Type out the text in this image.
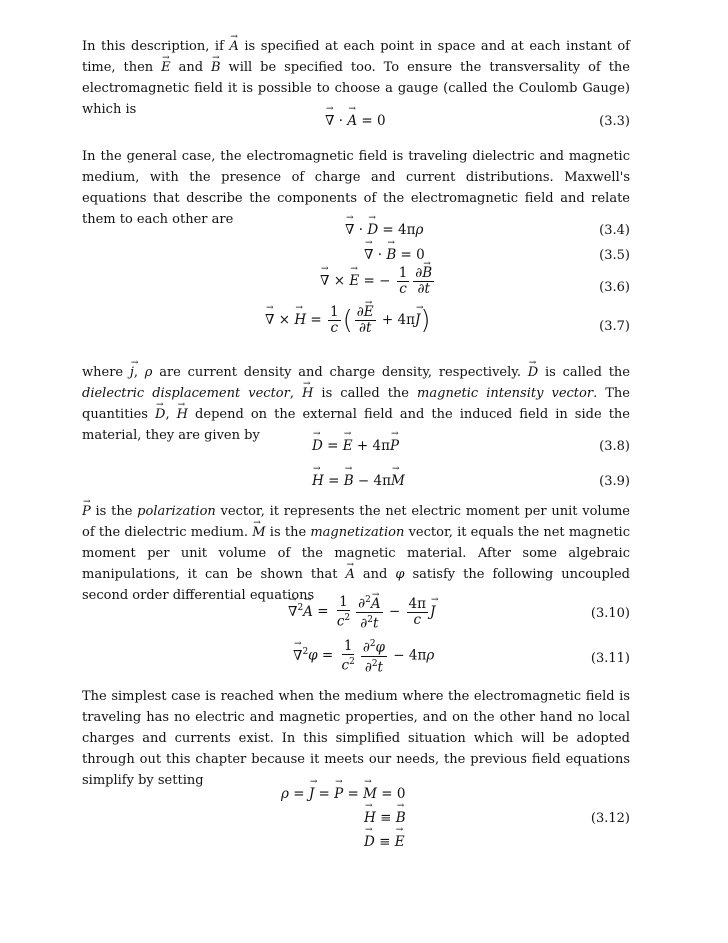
In this description, if → A is specified at each point in space and at each instant of time, then → E and → B will be specified too. To ensure the transversality of the electromagnetic field it is possible to choose a gauge (called the Coulomb Gauge) which is

→ ∇ · → A = 0	(3.3)

In the general case, the electromagnetic field is traveling dielectric and magnetic medium, with the presence of charge and current distributions. Maxwell's equations that describe the components of the electromagnetic field and relate them to each other are

→ ∇ · → D = 4πρ	(3.4)
→ ∇ · → B = 0	(3.5)
→ ∇ × → E = − $\frac{1}{c} \frac{\partial\to B}{\partial t}$	(3.6)
→ ∇ × → $H = \frac{1}{c}$ ( $\frac{\partial\to E}{\partial t} + 4\pi\to J$)	(3.7)

where → j, ρ are current density and charge density, respectively. → D is called the dielectric displacement vector, → H is called the magnetic intensity vector. The quantities → D, → H depend on the external field and the induced field in side the material, they are given by

→ D = → E + 4π→ P	(3.8)
→ H = → B − 4π→ M	(3.9)

→ P is the polarization vector, it represents the net electric moment per unit volume of the dielectric medium. → M is the magnetization vector, it equals the net magnetic moment per unit volume of the magnetic material. After some algebraic manipulations, it can be shown that → A and φ satisfy the following uncoupled second order differential equations

→ $\nabla^2\to A = \frac{1}{c^2} \frac{\partial^2\to A}{\partial^2t} - \frac{4\pi}{c}$
→ J	(3.10)
→ $\nabla^2\varphi = \frac{1}{c^2} \frac{\partial^2\varphi}{\partial^2t} - 4\pi\rho$	(3.11)

The simplest case is reached when the medium where the electromagnetic field is traveling has no electric and magnetic properties, and on the other hand no local charges and currents exist. In this simplified situation which will be adopted through out this chapter because it meets our needs, the previous field equations simplify by setting

ρ = → J = → P = → M = 0
→ H ≡ → B	(3.12)
→ D ≡ → E
